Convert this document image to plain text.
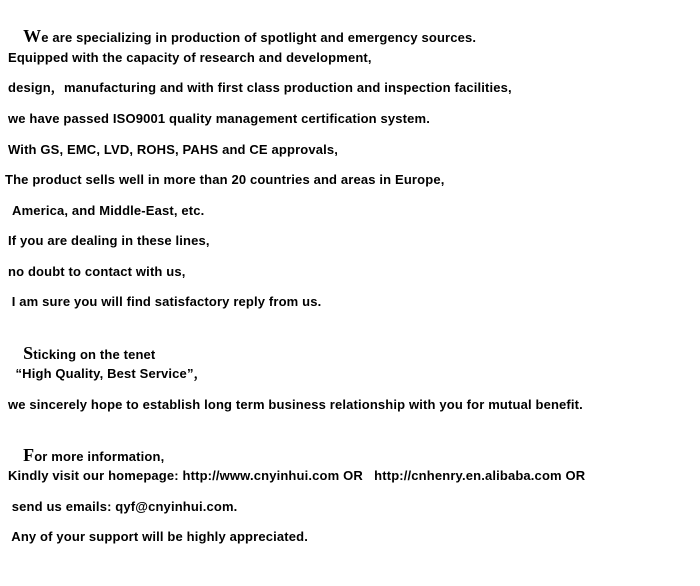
We are specializing in production of spotlight and emergency sources.

Equipped with the capacity of research and development,
design，manufacturing and with first class production and inspection facilities,
we have passed ISO9001 quality management certification system.
With GS, EMC, LVD, ROHS, PAHS and CE approvals,
The product sells well in more than 20 countries and areas in Europe,
America, and Middle-East, etc.
If you are dealing in these lines,
no doubt to contact with us,
I am sure you will find satisfactory reply from us.

Sticking on the tenet

“High Quality, Best Service”，
we sincerely hope to establish long term business relationship with you for mutual benefit.

For more information,

Kindly visit our homepage: http://www.cnyinhui.com OR   http://cnhenry.en.alibaba.com OR
send us emails: qyf@cnyinhui.com.
Any of your support will be highly appreciated.
